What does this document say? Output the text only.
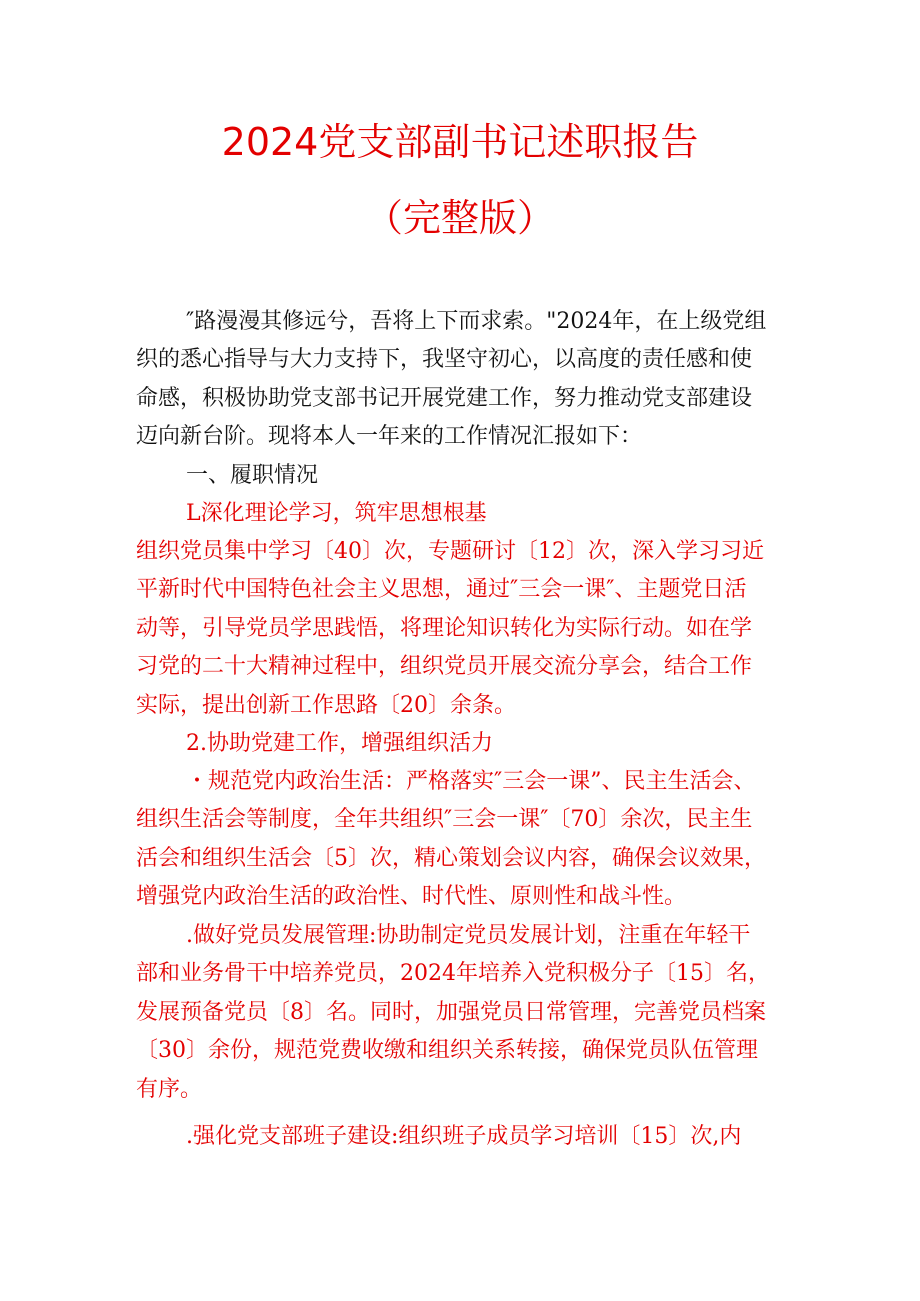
2024党支部副书记述职报告
（完整版）
″路漫漫其修远兮，吾将上下而求索。"2024年，在上级党组
织的悉心指导与大力支持下，我坚守初心，以高度的责任感和使
命感，积极协助党支部书记开展党建工作，努力推动党支部建设
迈向新台阶。现将本人一年来的工作情况汇报如下：
一、履职情况
L深化理论学习，筑牢思想根基
组织党员集中学习〔40〕次，专题研讨〔12〕次，深入学习习近
平新时代中国特色社会主义思想，通过″三会一课″、主题党日活
动等，引导党员学思践悟，将理论知识转化为实际行动。如在学
习党的二十大精神过程中，组织党员开展交流分享会，结合工作
实际，提出创新工作思路〔20〕余条。
2.协助党建工作，增强组织活力
・规范党内政治生活：严格落实″三会一课”、民主生活会、
组织生活会等制度，全年共组织″三会一课″〔70〕余次，民主生
活会和组织生活会〔5〕次，精心策划会议内容，确保会议效果，
增强党内政治生活的政治性、时代性、原则性和战斗性。
.做好党员发展管理:协助制定党员发展计划，注重在年轻干
部和业务骨干中培养党员，2024年培养入党积极分子〔15〕名，
发展预备党员〔8〕名。同时，加强党员日常管理，完善党员档案
〔30〕余份，规范党费收缴和组织关系转接，确保党员队伍管理
有序。
.强化党支部班子建设:组织班子成员学习培训〔15〕次,内
